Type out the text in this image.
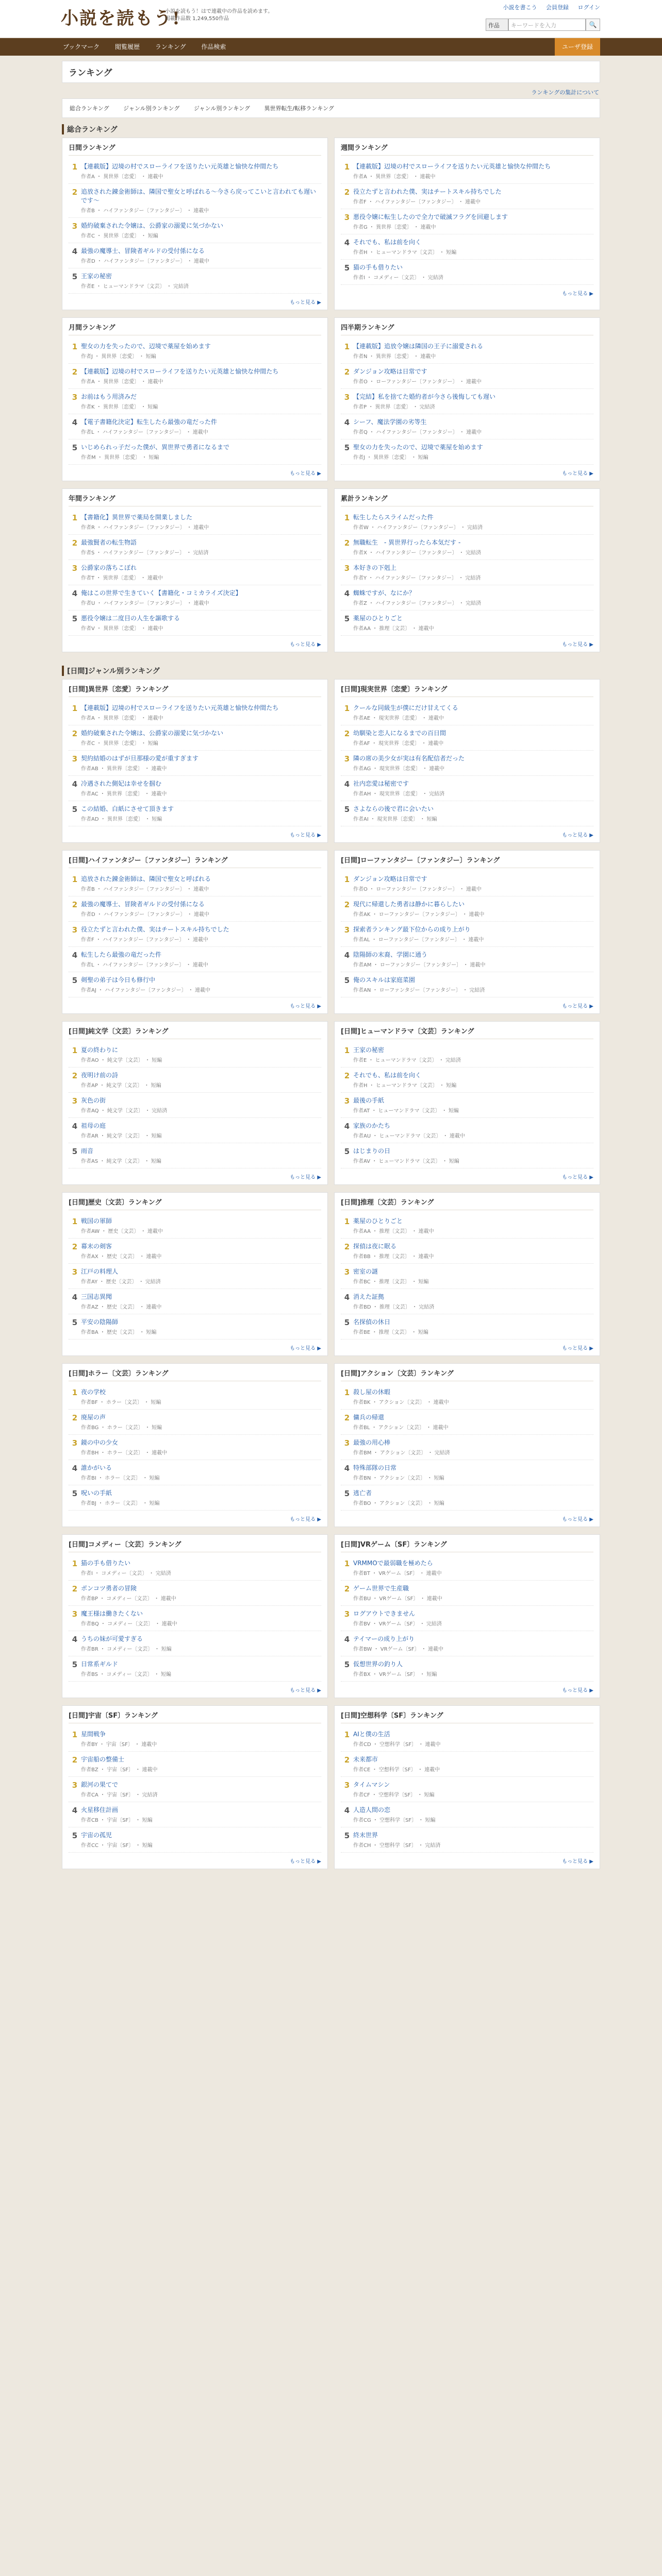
小説を読もう!
小説を読もう！はで連載中の作品を読めます。
掲載作品数 1,249,550作品
小説を書こう 会員登録 ログイン
作品	キーワードを入力	🔍
ブックマーク 閲覧履歴 ランキング 作品検索	ユーザ登録
ランキング
ランキングの集計について
総合ランキング	ジャンル別ランキング	ジャンル別ランキング	異世界転生/転移ランキング
総合ランキング
日間ランキング
1 【連載版】辺境の村でスローライフを送りたい元英雄と愉快な仲間たち
作者A ・ 異世界〔恋愛〕 ・ 連載中
2 追放された錬金術師は、隣国で聖女と呼ばれる〜今さら戻ってこいと言われても遅いです〜
作者B ・ ハイファンタジー〔ファンタジー〕 ・ 連載中
3 婚約破棄された令嬢は、公爵家の溺愛に気づかない
作者C ・ 異世界〔恋愛〕 ・ 短編
4 最強の魔導士、冒険者ギルドの受付係になる
作者D ・ ハイファンタジー〔ファンタジー〕 ・ 連載中
5 王家の秘密
作者E ・ ヒューマンドラマ〔文芸〕 ・ 完結済
もっと見る ▶
週間ランキング
1 【連載版】辺境の村でスローライフを送りたい元英雄と愉快な仲間たち
作者A ・ 異世界〔恋愛〕 ・ 連載中
2 役立たずと言われた僕、実はチートスキル持ちでした
作者F ・ ハイファンタジー〔ファンタジー〕 ・ 連載中
3 悪役令嬢に転生したので全力で破滅フラグを回避します
作者G ・ 異世界〔恋愛〕 ・ 連載中
4 それでも、私は前を向く
作者H ・ ヒューマンドラマ〔文芸〕 ・ 短編
5 猫の手も借りたい
作者I ・ コメディー〔文芸〕 ・ 完結済
もっと見る ▶
月間ランキング
1 聖女の力を失ったので、辺境で薬屋を始めます
作者J ・ 異世界〔恋愛〕 ・ 短編
2 【連載版】辺境の村でスローライフを送りたい元英雄と愉快な仲間たち
作者A ・ 異世界〔恋愛〕 ・ 連載中
3 お前はもう用済みだ
作者K ・ 異世界〔恋愛〕 ・ 短編
4 【電子書籍化決定】転生したら最強の竜だった件
作者L ・ ハイファンタジー〔ファンタジー〕 ・ 連載中
5 いじめられっ子だった僕が、異世界で勇者になるまで
作者M ・ 異世界〔恋愛〕 ・ 短編
もっと見る ▶
四半期ランキング
1 【連載版】追放令嬢は隣国の王子に溺愛される
作者N ・ 異世界〔恋愛〕 ・ 連載中
2 ダンジョン攻略は日常です
作者O ・ ローファンタジー〔ファンタジー〕 ・ 連載中
3 【完結】私を捨てた婚約者が今さら後悔しても遅い
作者P ・ 異世界〔恋愛〕 ・ 完結済
4 シーフ、魔法学園の劣等生
作者Q ・ ハイファンタジー〔ファンタジー〕 ・ 連載中
5 聖女の力を失ったので、辺境で薬屋を始めます
作者J ・ 異世界〔恋愛〕 ・ 短編
もっと見る ▶
年間ランキング
1 【書籍化】異世界で薬局を開業しました
作者R ・ ハイファンタジー〔ファンタジー〕 ・ 連載中
2 最強賢者の転生物語
作者S ・ ハイファンタジー〔ファンタジー〕 ・ 完結済
3 公爵家の落ちこぼれ
作者T ・ 異世界〔恋愛〕 ・ 連載中
4 俺はこの世界で生きていく【書籍化・コミカライズ決定】
作者U ・ ハイファンタジー〔ファンタジー〕 ・ 連載中
5 悪役令嬢は二度目の人生を謳歌する
作者V ・ 異世界〔恋愛〕 ・ 連載中
もっと見る ▶
累計ランキング
1 転生したらスライムだった件
作者W ・ ハイファンタジー〔ファンタジー〕 ・ 完結済
2 無職転生　- 異世界行ったら本気だす -
作者X ・ ハイファンタジー〔ファンタジー〕 ・ 完結済
3 本好きの下剋上
作者Y ・ ハイファンタジー〔ファンタジー〕 ・ 完結済
4 蜘蛛ですが、なにか？
作者Z ・ ハイファンタジー〔ファンタジー〕 ・ 完結済
5 薬屋のひとりごと
作者AA ・ 推理〔文芸〕 ・ 連載中
もっと見る ▶
[日間]ジャンル別ランキング
[日間]異世界〔恋愛〕ランキング
1 【連載版】辺境の村でスローライフを送りたい元英雄と愉快な仲間たち
作者A ・ 異世界〔恋愛〕 ・ 連載中
2 婚約破棄された令嬢は、公爵家の溺愛に気づかない
作者C ・ 異世界〔恋愛〕 ・ 短編
3 契約結婚のはずが旦那様の愛が重すぎます
作者AB ・ 異世界〔恋愛〕 ・ 連載中
4 冷遇された側妃は幸せを掴む
作者AC ・ 異世界〔恋愛〕 ・ 連載中
5 この結婚、白紙にさせて頂きます
作者AD ・ 異世界〔恋愛〕 ・ 短編
もっと見る ▶
[日間]現実世界〔恋愛〕ランキング
1 クールな同級生が僕にだけ甘えてくる
作者AE ・ 現実世界〔恋愛〕 ・ 連載中
2 幼馴染と恋人になるまでの百日間
作者AF ・ 現実世界〔恋愛〕 ・ 連載中
3 隣の席の美少女が実は有名配信者だった
作者AG ・ 現実世界〔恋愛〕 ・ 連載中
4 社内恋愛は秘密です
作者AH ・ 現実世界〔恋愛〕 ・ 完結済
5 さよならの後で君に会いたい
作者AI ・ 現実世界〔恋愛〕 ・ 短編
もっと見る ▶
[日間]ハイファンタジー〔ファンタジー〕ランキング
1 追放された錬金術師は、隣国で聖女と呼ばれる
作者B ・ ハイファンタジー〔ファンタジー〕 ・ 連載中
2 最強の魔導士、冒険者ギルドの受付係になる
作者D ・ ハイファンタジー〔ファンタジー〕 ・ 連載中
3 役立たずと言われた僕、実はチートスキル持ちでした
作者F ・ ハイファンタジー〔ファンタジー〕 ・ 連載中
4 転生したら最強の竜だった件
作者L ・ ハイファンタジー〔ファンタジー〕 ・ 連載中
5 剣聖の弟子は今日も修行中
作者AJ ・ ハイファンタジー〔ファンタジー〕 ・ 連載中
もっと見る ▶
[日間]ローファンタジー〔ファンタジー〕ランキング
1 ダンジョン攻略は日常です
作者O ・ ローファンタジー〔ファンタジー〕 ・ 連載中
2 現代に帰還した勇者は静かに暮らしたい
作者AK ・ ローファンタジー〔ファンタジー〕 ・ 連載中
3 探索者ランキング最下位からの成り上がり
作者AL ・ ローファンタジー〔ファンタジー〕 ・ 連載中
4 陰陽師の末裔、学園に通う
作者AM ・ ローファンタジー〔ファンタジー〕 ・ 連載中
5 俺のスキルは家庭菜園
作者AN ・ ローファンタジー〔ファンタジー〕 ・ 完結済
もっと見る ▶
[日間]純文学〔文芸〕ランキング
1 夏の終わりに
作者AO ・ 純文学〔文芸〕 ・ 短編
2 夜明け前の詩
作者AP ・ 純文学〔文芸〕 ・ 短編
3 灰色の街
作者AQ ・ 純文学〔文芸〕 ・ 完結済
4 祖母の庭
作者AR ・ 純文学〔文芸〕 ・ 短編
5 雨音
作者AS ・ 純文学〔文芸〕 ・ 短編
もっと見る ▶
[日間]ヒューマンドラマ〔文芸〕ランキング
1 王家の秘密
作者E ・ ヒューマンドラマ〔文芸〕 ・ 完結済
2 それでも、私は前を向く
作者H ・ ヒューマンドラマ〔文芸〕 ・ 短編
3 最後の手紙
作者AT ・ ヒューマンドラマ〔文芸〕 ・ 短編
4 家族のかたち
作者AU ・ ヒューマンドラマ〔文芸〕 ・ 連載中
5 はじまりの日
作者AV ・ ヒューマンドラマ〔文芸〕 ・ 短編
もっと見る ▶
[日間]歴史〔文芸〕ランキング
1 戦国の軍師
作者AW ・ 歴史〔文芸〕 ・ 連載中
2 幕末の剣客
作者AX ・ 歴史〔文芸〕 ・ 連載中
3 江戸の料理人
作者AY ・ 歴史〔文芸〕 ・ 完結済
4 三国志異聞
作者AZ ・ 歴史〔文芸〕 ・ 連載中
5 平安の陰陽師
作者BA ・ 歴史〔文芸〕 ・ 短編
もっと見る ▶
[日間]推理〔文芸〕ランキング
1 薬屋のひとりごと
作者AA ・ 推理〔文芸〕 ・ 連載中
2 探偵は夜に眠る
作者BB ・ 推理〔文芸〕 ・ 連載中
3 密室の謎
作者BC ・ 推理〔文芸〕 ・ 短編
4 消えた証拠
作者BD ・ 推理〔文芸〕 ・ 完結済
5 名探偵の休日
作者BE ・ 推理〔文芸〕 ・ 短編
もっと見る ▶
[日間]ホラー〔文芸〕ランキング
1 夜の学校
作者BF ・ ホラー〔文芸〕 ・ 短編
2 廃屋の声
作者BG ・ ホラー〔文芸〕 ・ 短編
3 鏡の中の少女
作者BH ・ ホラー〔文芸〕 ・ 連載中
4 誰かがいる
作者BI ・ ホラー〔文芸〕 ・ 短編
5 呪いの手紙
作者BJ ・ ホラー〔文芸〕 ・ 短編
もっと見る ▶
[日間]アクション〔文芸〕ランキング
1 殺し屋の休暇
作者BK ・ アクション〔文芸〕 ・ 連載中
2 傭兵の帰還
作者BL ・ アクション〔文芸〕 ・ 連載中
3 最強の用心棒
作者BM ・ アクション〔文芸〕 ・ 完結済
4 特殊部隊の日常
作者BN ・ アクション〔文芸〕 ・ 短編
5 逃亡者
作者BO ・ アクション〔文芸〕 ・ 短編
もっと見る ▶
[日間]コメディー〔文芸〕ランキング
1 猫の手も借りたい
作者I ・ コメディー〔文芸〕 ・ 完結済
2 ポンコツ勇者の冒険
作者BP ・ コメディー〔文芸〕 ・ 連載中
3 魔王様は働きたくない
作者BQ ・ コメディー〔文芸〕 ・ 連載中
4 うちの妹が可愛すぎる
作者BR ・ コメディー〔文芸〕 ・ 短編
5 日常系ギルド
作者BS ・ コメディー〔文芸〕 ・ 短編
もっと見る ▶
[日間]VRゲーム〔SF〕ランキング
1 VRMMOで最弱職を極めたら
作者BT ・ VRゲーム〔SF〕 ・ 連載中
2 ゲーム世界で生産職
作者BU ・ VRゲーム〔SF〕 ・ 連載中
3 ログアウトできません
作者BV ・ VRゲーム〔SF〕 ・ 完結済
4 テイマーの成り上がり
作者BW ・ VRゲーム〔SF〕 ・ 連載中
5 仮想世界の釣り人
作者BX ・ VRゲーム〔SF〕 ・ 短編
もっと見る ▶
[日間]宇宙〔SF〕ランキング
1 星間戦争
作者BY ・ 宇宙〔SF〕 ・ 連載中
2 宇宙船の整備士
作者BZ ・ 宇宙〔SF〕 ・ 連載中
3 銀河の果てで
作者CA ・ 宇宙〔SF〕 ・ 完結済
4 火星移住計画
作者CB ・ 宇宙〔SF〕 ・ 短編
5 宇宙の孤児
作者CC ・ 宇宙〔SF〕 ・ 短編
もっと見る ▶
[日間]空想科学〔SF〕ランキング
1 AIと僕の生活
作者CD ・ 空想科学〔SF〕 ・ 連載中
2 未来都市
作者CE ・ 空想科学〔SF〕 ・ 連載中
3 タイムマシン
作者CF ・ 空想科学〔SF〕 ・ 短編
4 人造人間の恋
作者CG ・ 空想科学〔SF〕 ・ 短編
5 終末世界
作者CH ・ 空想科学〔SF〕 ・ 完結済
もっと見る ▶
